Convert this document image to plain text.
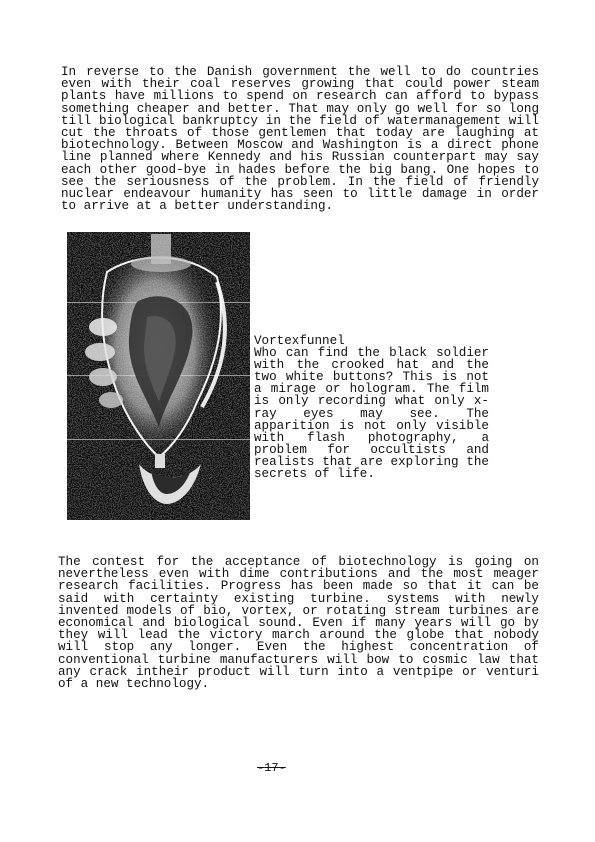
In reverse to the Danish government the well to do countries even with their coal reserves growing that could power steam plants have millions to spend on research can afford to bypass something cheaper and better. That may only go well for so long till biological bankruptcy in the field of watermanagement will cut the throats of those gentlemen that today are laughing at biotechnology. Between Moscow and Washington is a direct phone line planned where Kennedy and his Russian counterpart may say each other good-bye in hades before the big bang. One hopes to see the seriousness of the problem. In the field of friendly nuclear endeavour humanity has seen to little damage in order to arrive at a better understanding.

Vortexfunnel
Who can find the black soldier with the crooked hat and the two white buttons? This is not a mirage or hologram. The film is only recording what only x-ray eyes may see. The apparition is not only visible with flash photography, a problem for occultists and realists that are exploring the secrets of life.

The contest for the acceptance of biotechnology is going on nevertheless even with dime contributions and the most meager research facilities. Progress has been made so that it can be said with certainty existing turbine. systems with newly invented models of bio, vortex, or rotating stream turbines are economical and biological sound. Even if many years will go by they will lead the victory march around the globe that nobody will stop any longer. Even the highest concentration of conventional turbine manufacturers will bow to cosmic law that any crack intheir product will turn into a ventpipe or venturi of a new technology.

-17-
